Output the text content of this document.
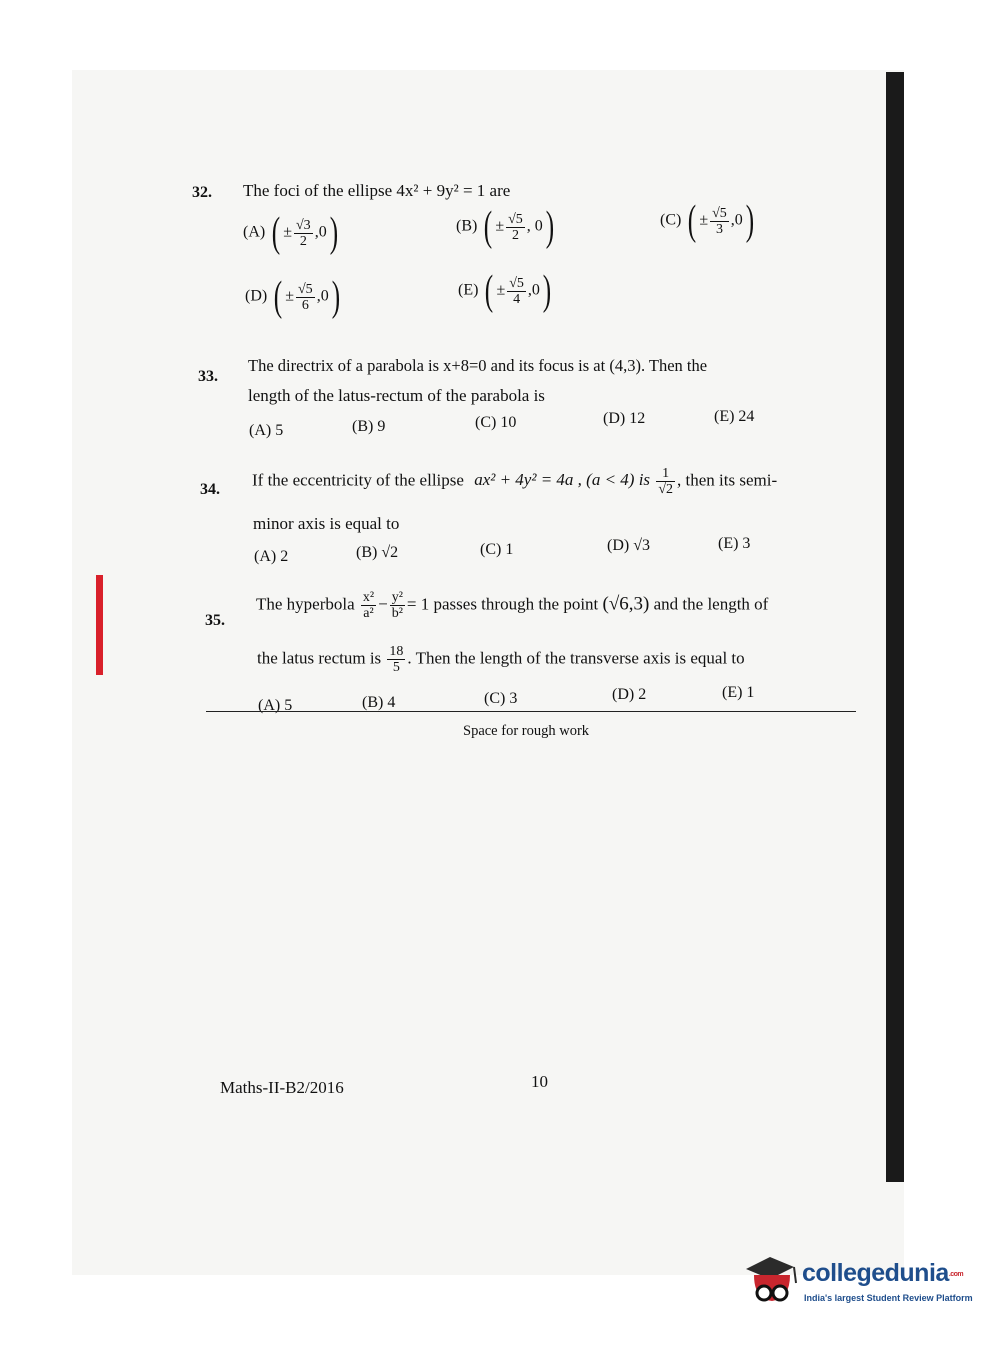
32. The foci of the ellipse 4x² + 9y² = 1 are
(A) ( ± $\frac{√3}{2} ,0$)	(B) ( ± $\frac{√5}{2}$ , 0)	(C) ( ± $\frac{√5}{3} ,0$)
(D) ( ± $\frac{√5}{6} ,0$)	(E) ( ± $\frac{√5}{4} ,0$)
33.
The directrix of a parabola is x+8=0 and its focus is at (4,3). Then the
length of the latus-rectum of the parabola is
(A) 5	(B) 9	(C) 10	(D) 12	(E) 24
34.
If the eccentricity of the ellipse ax² + 4y² = 4a , (a < 4) is $\frac{1}{√2}$ , then its semi-
minor axis is equal to
(A) 2	(B) √2	(C) 1	(D) √3	(E) 3
35.
The hyperbola $\frac{\text{x²}}{\text{a²}} - \frac{\text{y²}}{\text{b²}} = 1$ passes through the point (√6,3) and the length of
the latus rectum is $\frac{18}{5}$ . Then the length of the transverse axis is equal to
(A) 5	(B) 4	(C) 3	(D) 2	(E) 1
Space for rough work
Maths-II-B2/2016	10
collegedunia.com
India's largest Student Review Platform
